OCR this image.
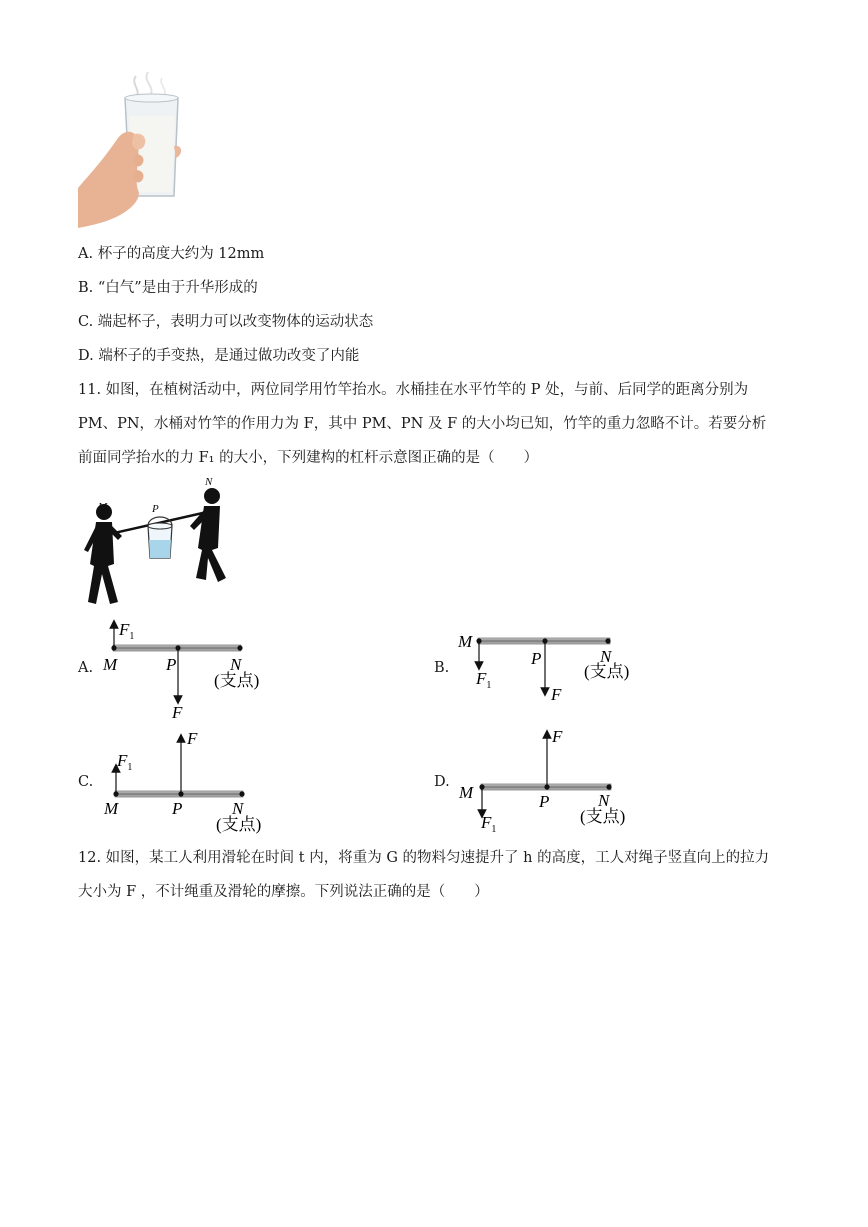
A. 杯子的高度大约为 12mm
B. “白气”是由于升华形成的
C. 端起杯子，表明力可以改变物体的运动状态
D. 端杯子的手变热，是通过做功改变了内能
11. 如图，在植树活动中，两位同学用竹竿抬水。水桶挂在水平竹竿的 P 处，与前、后同学的距离分别为
PM、PN，水桶对竹竿的作用力为 F，其中 PM、PN 及 F 的大小均已知，竹竿的重力忽略不计。若要分析
前面同学抬水的力 F₁ 的大小，下列建构的杠杆示意图正确的是（　　）
M	P
N
A.	B.
C.	D.
$F_1$
M	P	N
(支点)
F
M
P	N
(支点)
$F_1$	F
$F_1$
F
M	P	N
(支点)
F
M	P	N
(支点)
$F_1$
12. 如图，某工人利用滑轮在时间 t 内，将重为 G 的物料匀速提升了 h 的高度，工人对绳子竖直向上的拉力
大小为 F ，不计绳重及滑轮的摩擦。下列说法正确的是（　　）
